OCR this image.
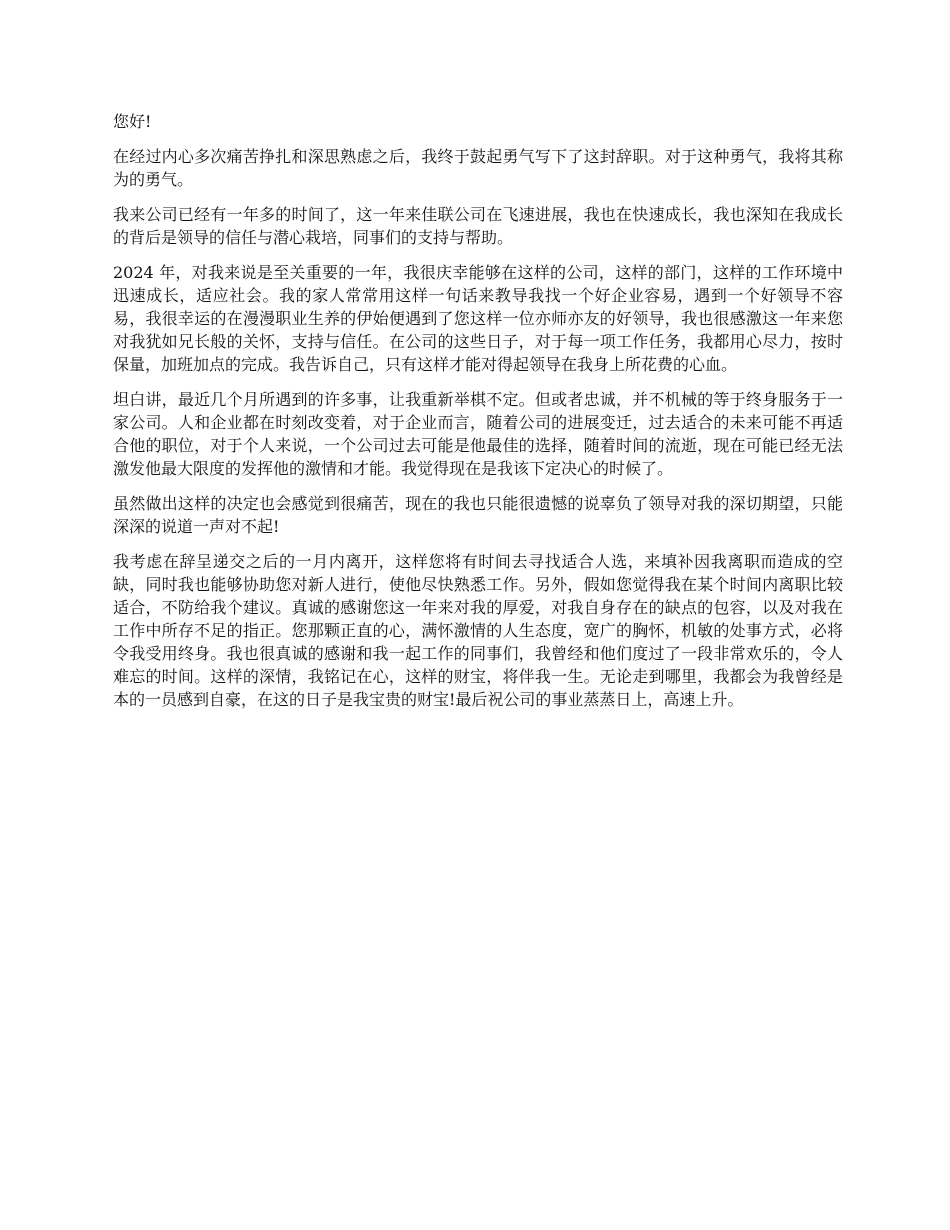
您好!

在经过内心多次痛苦挣扎和深思熟虑之后，我终于鼓起勇气写下了这封辞职。对于这种勇气，我将其称为的勇气。

我来公司已经有一年多的时间了，这一年来佳联公司在飞速进展，我也在快速成长，我也深知在我成长的背后是领导的信任与潜心栽培，同事们的支持与帮助。

2024 年，对我来说是至关重要的一年，我很庆幸能够在这样的公司，这样的部门，这样的工作环境中迅速成长，适应社会。我的家人常常用这样一句话来教导我找一个好企业容易，遇到一个好领导不容易，我很幸运的在漫漫职业生养的伊始便遇到了您这样一位亦师亦友的好领导，我也很感激这一年来您对我犹如兄长般的关怀，支持与信任。在公司的这些日子，对于每一项工作任务，我都用心尽力，按时保量，加班加点的完成。我告诉自己，只有这样才能对得起领导在我身上所花费的心血。

坦白讲，最近几个月所遇到的许多事，让我重新举棋不定。但或者忠诚，并不机械的等于终身服务于一家公司。人和企业都在时刻改变着，对于企业而言，随着公司的进展变迁，过去适合的未来可能不再适合他的职位，对于个人来说，一个公司过去可能是他最佳的选择，随着时间的流逝，现在可能已经无法激发他最大限度的发挥他的激情和才能。我觉得现在是我该下定决心的时候了。

虽然做出这样的决定也会感觉到很痛苦，现在的我也只能很遗憾的说辜负了领导对我的深切期望，只能深深的说道一声对不起!

我考虑在辞呈递交之后的一月内离开，这样您将有时间去寻找适合人选，来填补因我离职而造成的空缺，同时我也能够协助您对新人进行，使他尽快熟悉工作。另外，假如您觉得我在某个时间内离职比较适合，不防给我个建议。真诚的感谢您这一年来对我的厚爱，对我自身存在的缺点的包容，以及对我在工作中所存不足的指正。您那颗正直的心，满怀激情的人生态度，宽广的胸怀，机敏的处事方式，必将令我受用终身。我也很真诚的感谢和我一起工作的同事们，我曾经和他们度过了一段非常欢乐的，令人难忘的时间。这样的深情，我铭记在心，这样的财宝，将伴我一生。无论走到哪里，我都会为我曾经是本的一员感到自豪，在这的日子是我宝贵的财宝!最后祝公司的事业蒸蒸日上，高速上升。
